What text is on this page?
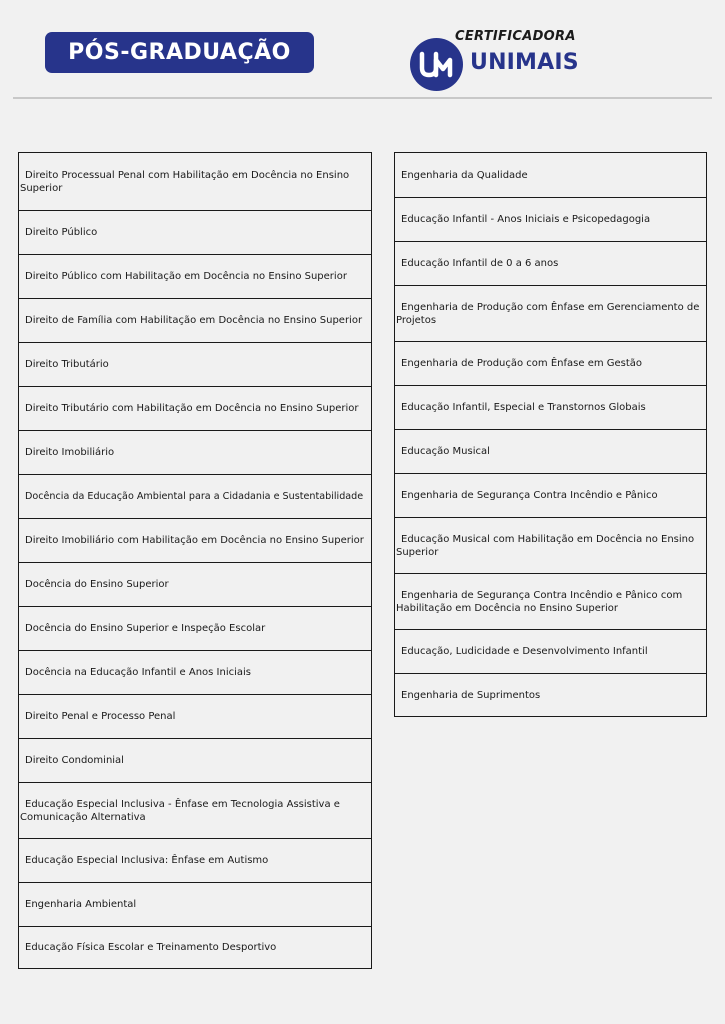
PÓS-GRADUAÇÃO
CERTIFICADORA
UNIMAIS
Direito Processual Penal com Habilitação em Docência no Ensino Superior
Direito Público
Direito Público com Habilitação em Docência no Ensino Superior
Direito de Família com Habilitação em Docência no Ensino Superior
Direito Tributário
Direito Tributário com Habilitação em Docência no Ensino Superior
Direito Imobiliário
Docência da Educação Ambiental para a Cidadania e Sustentabilidade
Direito Imobiliário com Habilitação em Docência no Ensino Superior
Docência do Ensino Superior
Docência do Ensino Superior e Inspeção Escolar
Docência na Educação Infantil e Anos Iniciais
Direito Penal e Processo Penal
Direito Condominial
Educação Especial Inclusiva - Ênfase em Tecnologia Assistiva e Comunicação Alternativa
Educação Especial Inclusiva: Ênfase em Autismo
Engenharia Ambiental
Educação Física Escolar e Treinamento Desportivo
Engenharia da Qualidade
Educação Infantil - Anos Iniciais e Psicopedagogia
Educação Infantil de 0 a 6 anos
Engenharia de Produção com Ênfase em Gerenciamento de Projetos
Engenharia de Produção com Ênfase em Gestão
Educação Infantil, Especial e Transtornos Globais
Educação Musical
Engenharia de Segurança Contra Incêndio e Pânico
Educação Musical com Habilitação em Docência no Ensino Superior
Engenharia de Segurança Contra Incêndio e Pânico com Habilitação em Docência no Ensino Superior
Educação, Ludicidade e Desenvolvimento Infantil
Engenharia de Suprimentos
